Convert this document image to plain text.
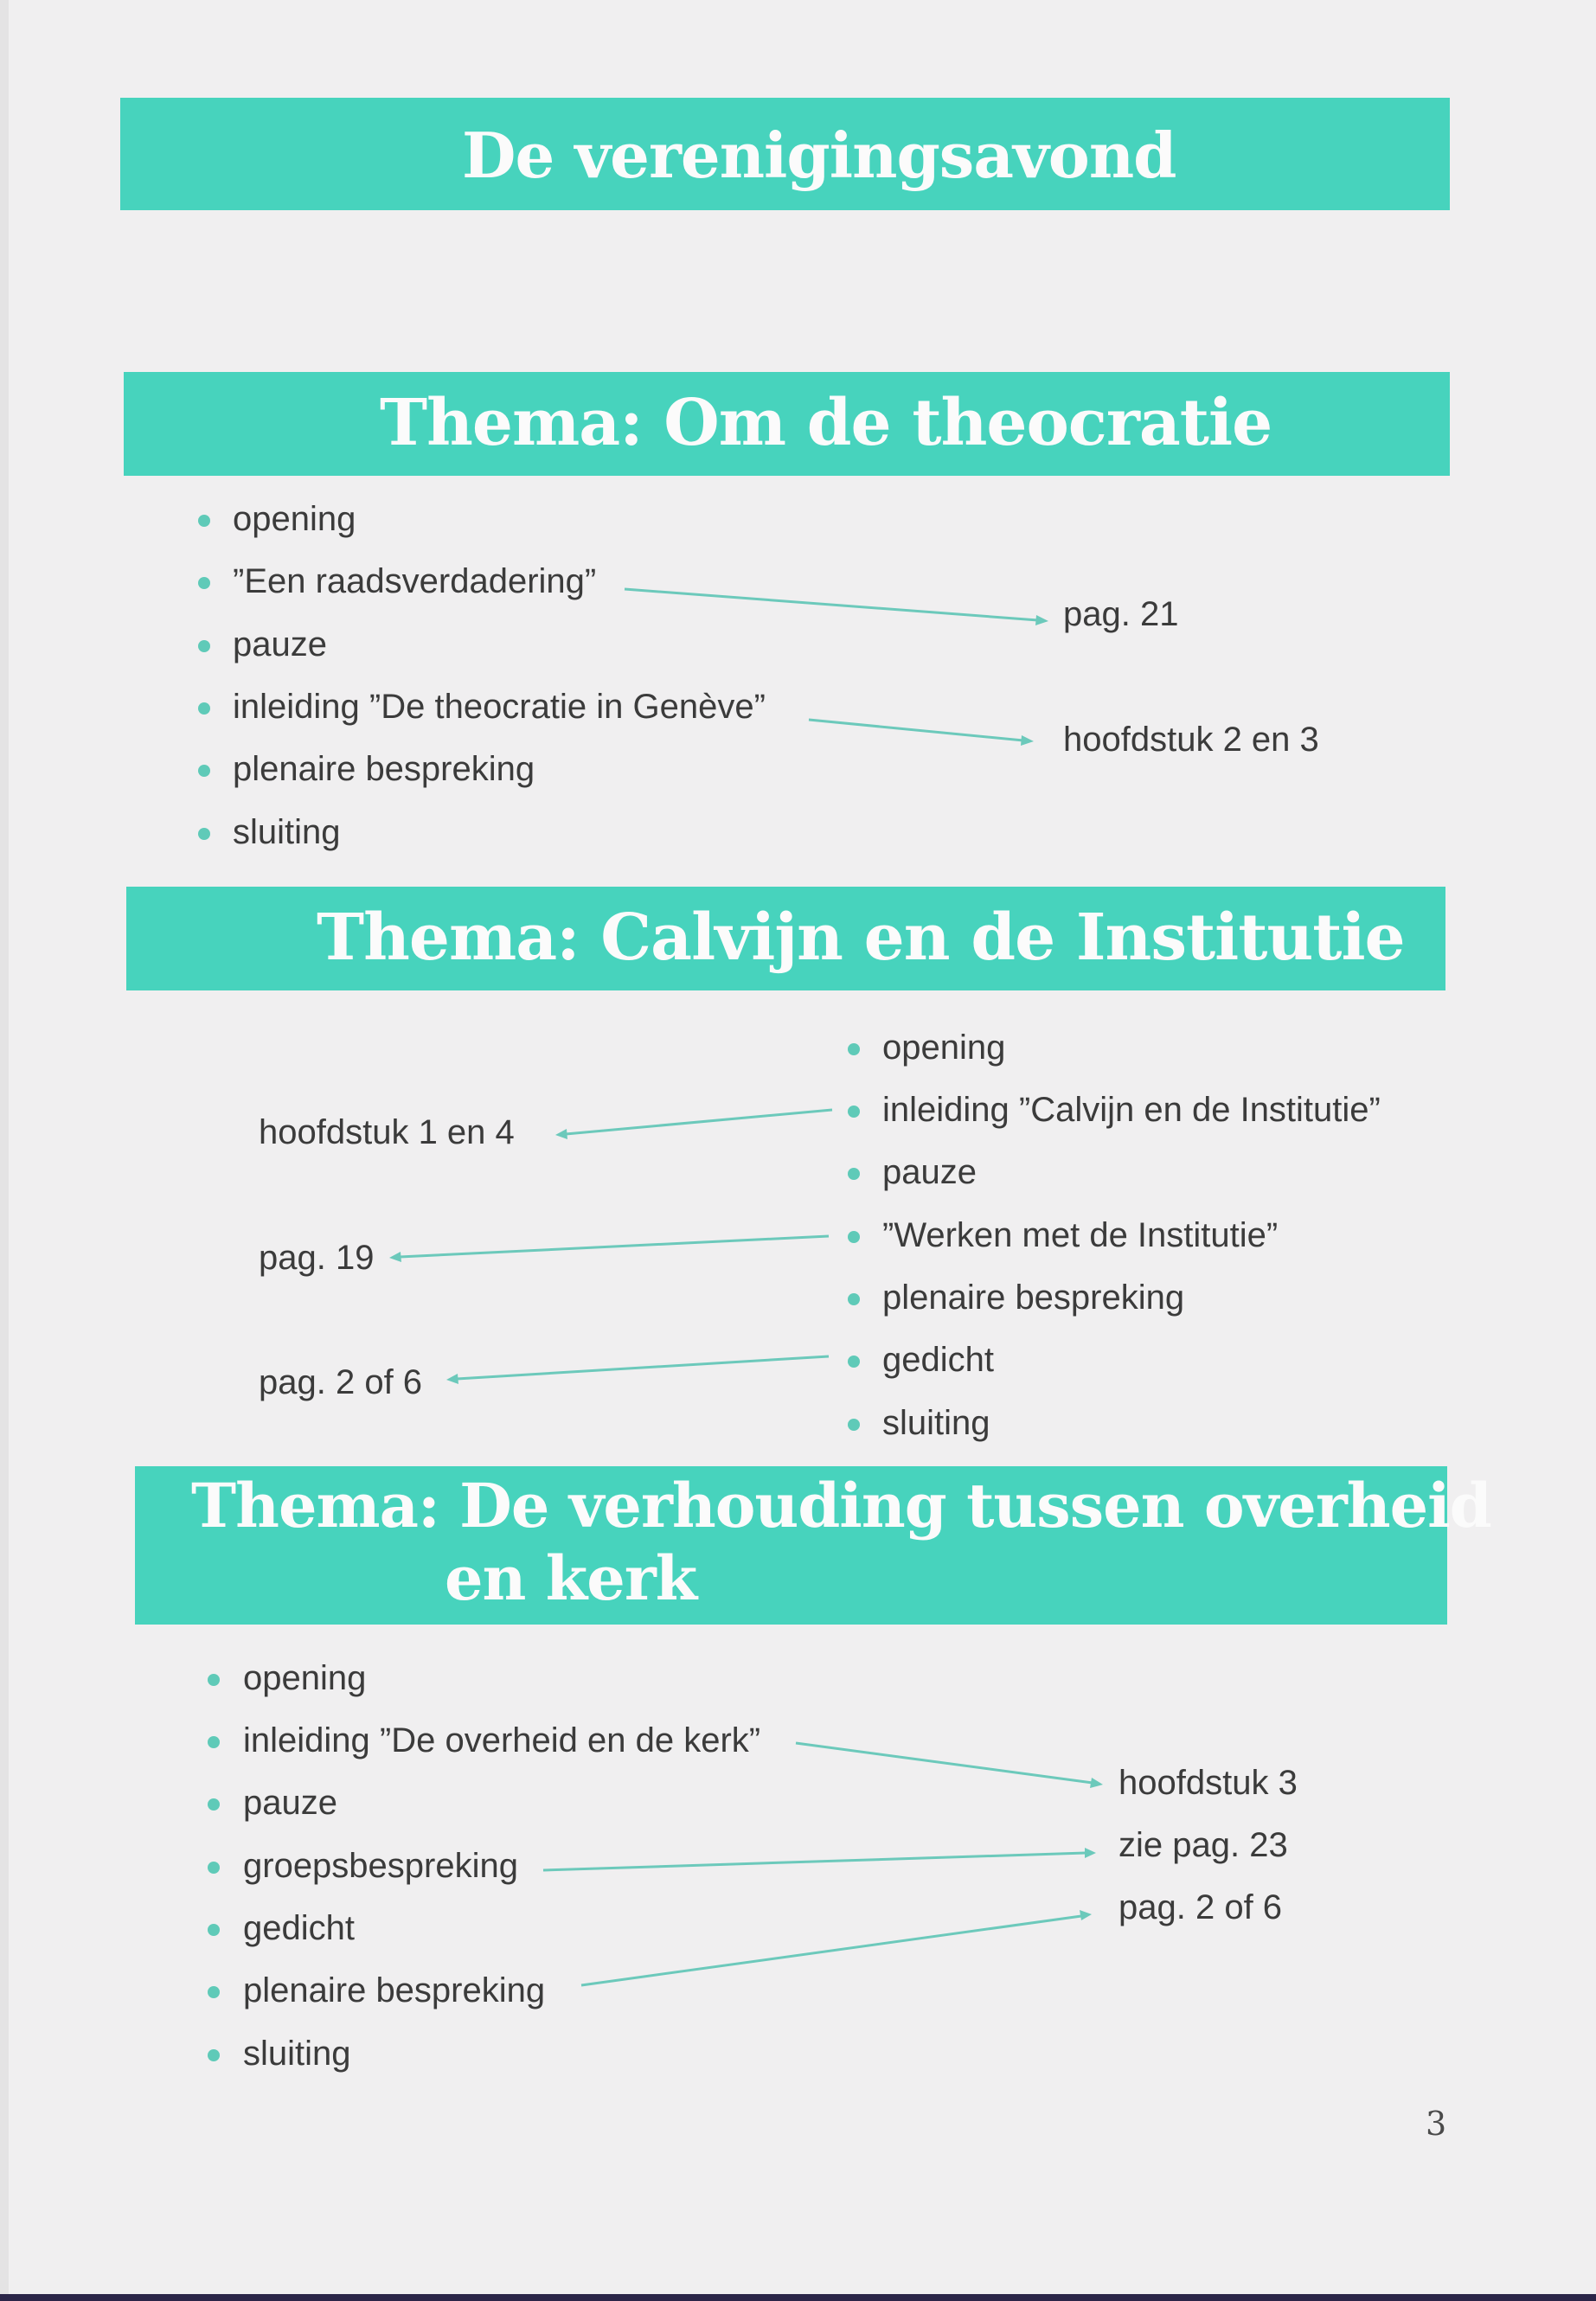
De verenigingsavond
Thema: Om de theocratie
opening
”Een raadsverdadering”
pauze
inleiding ”De theocratie in Genève”
plenaire bespreking
sluiting
pag. 21
hoofdstuk 2 en 3
Thema: Calvijn en de Institutie
opening
inleiding ”Calvijn en de Institutie”
pauze
”Werken met de Institutie”
plenaire bespreking
gedicht
sluiting
hoofdstuk 1 en 4
pag. 19
pag. 2 of 6
Thema: De verhouding tussen overheid
en kerk
opening
inleiding ”De overheid en de kerk”
pauze
groepsbespreking
gedicht
plenaire bespreking
sluiting
hoofdstuk 3
zie pag. 23
pag. 2 of 6
3
